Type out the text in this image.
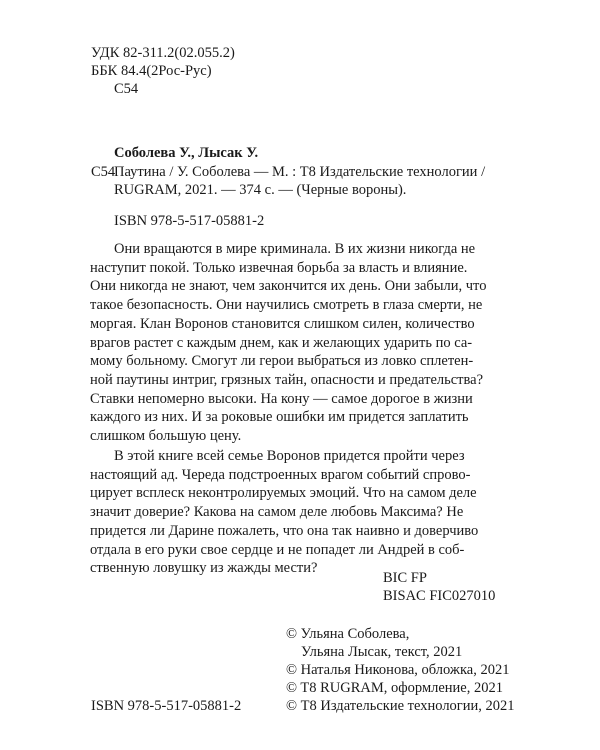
УДК 82-311.2(02.055.2)
ББК 84.4(2Рос-Рус)
С54
Соболева У., Лысак У.
С54
Паутина / У. Соболева — М. : Т8 Издательские технологии /
RUGRAM, 2021. — 374 с. — (Черные вороны).
ISBN 978-5-517-05881-2
Они вращаются в мире криминала. В их жизни никогда не
наступит покой. Только извечная борьба за власть и влияние.
Они никогда не знают, чем закончится их день. Они забыли, что
такое безопасность. Они научились смотреть в глаза смерти, не
моргая. Клан Воронов становится слишком силен, количество
врагов растет с каждым днем, как и желающих ударить по са-
мому больному. Смогут ли герои выбраться из ловко сплетен-
ной паутины интриг, грязных тайн, опасности и предательства?
Ставки непомерно высоки. На кону — самое дорогое в жизни
каждого из них. И за роковые ошибки им придется заплатить
слишком большую цену.
В этой книге всей семье Воронов придется пройти через
настоящий ад. Череда подстроенных врагом событий спрово-
цирует всплеск неконтролируемых эмоций. Что на самом деле
значит доверие? Какова на самом деле любовь Максима? Не
придется ли Дарине пожалеть, что она так наивно и доверчиво
отдала в его руки свое сердце и не попадет ли Андрей в соб-
ственную ловушку из жажды мести?
BIC FP
BISAC FIC027010
© Ульяна Соболева,
Ульяна Лысак, текст, 2021
© Наталья Никонова, обложка, 2021
© T8 RUGRAM, оформление, 2021
© Т8 Издательские технологии, 2021
ISBN 978-5-517-05881-2
